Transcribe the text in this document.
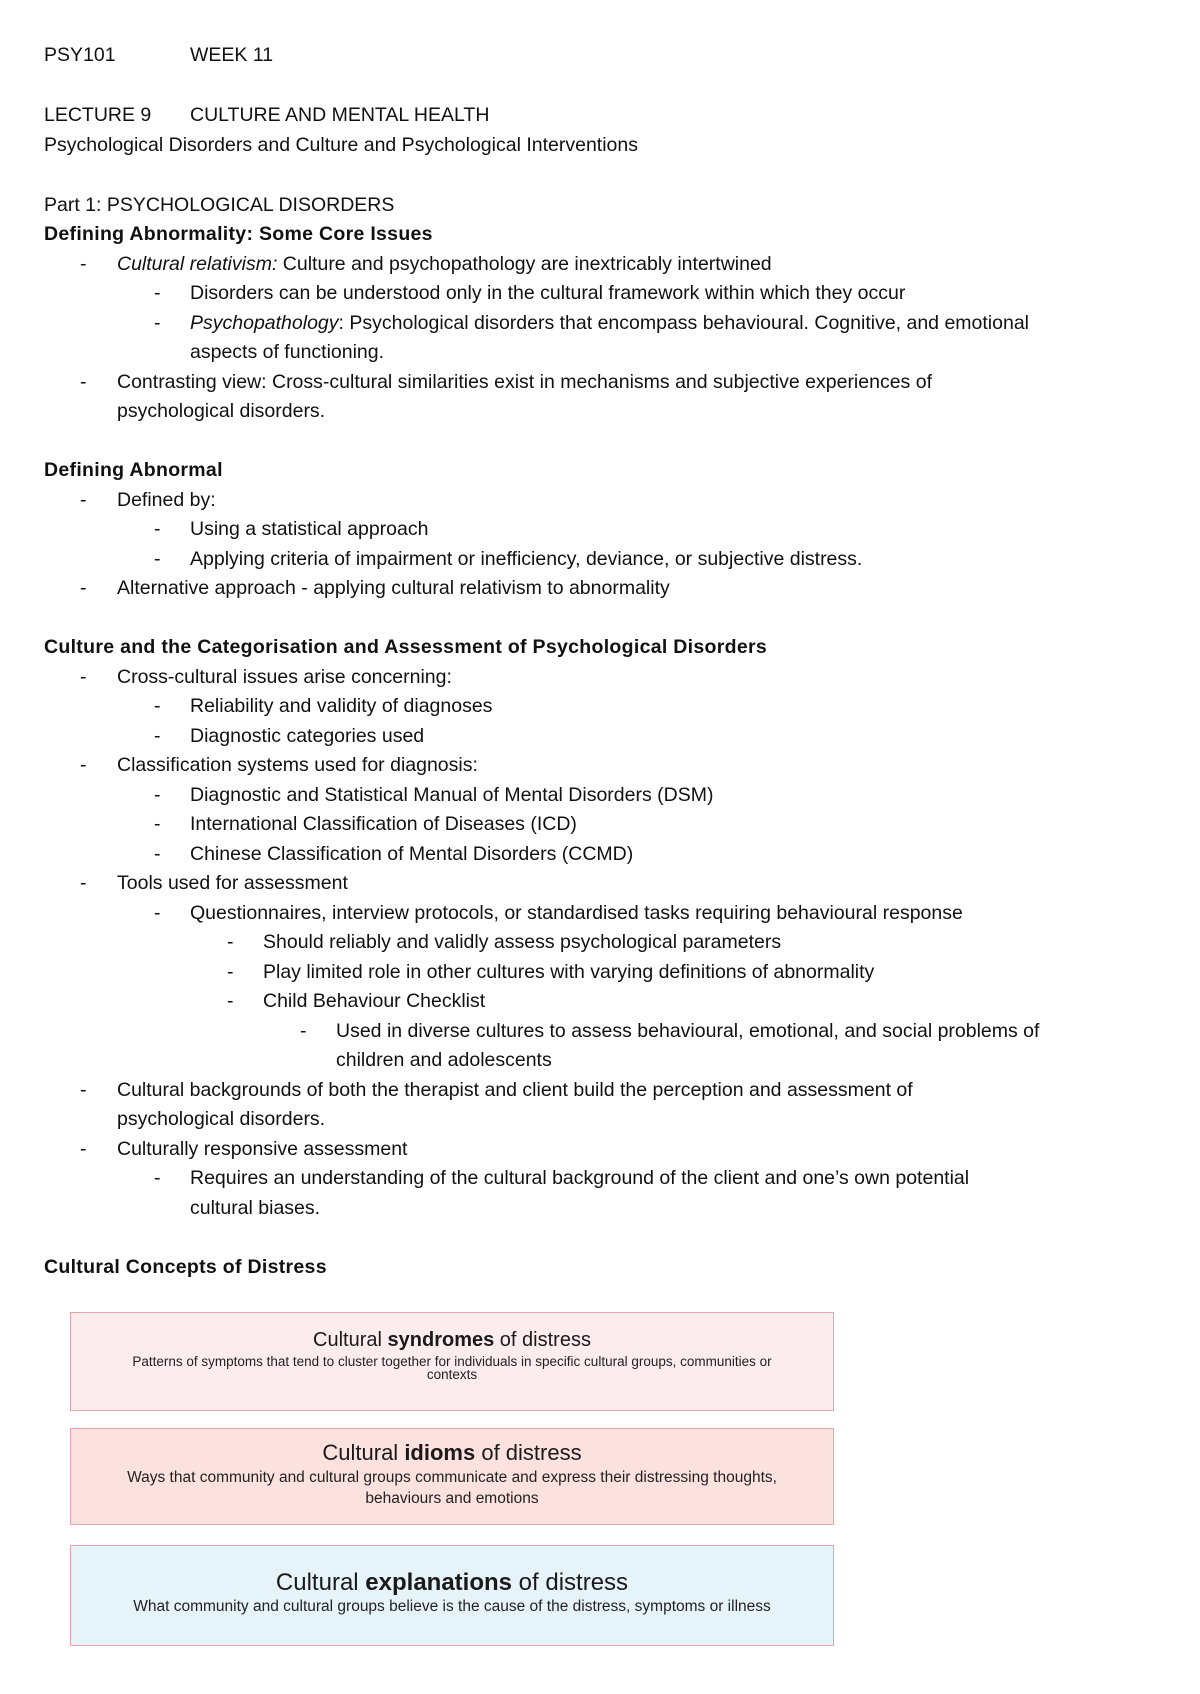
PSY101	WEEK 11
LECTURE 9 CULTURE AND MENTAL HEALTH
Psychological Disorders and Culture and Psychological Interventions
Part 1: PSYCHOLOGICAL DISORDERS
Defining Abnormality: Some Core Issues
- Cultural relativism: Culture and psychopathology are inextricably intertwined
- Disorders can be understood only in the cultural framework within which they occur
- Psychopathology: Psychological disorders that encompass behavioural. Cognitive, and emotional
aspects of functioning.
- Contrasting view: Cross-cultural similarities exist in mechanisms and subjective experiences of
psychological disorders.
Defining Abnormal
- Defined by:
- Using a statistical approach
- Applying criteria of impairment or inefficiency, deviance, or subjective distress.
- Alternative approach - applying cultural relativism to abnormality
Culture and the Categorisation and Assessment of Psychological Disorders
- Cross-cultural issues arise concerning:
- Reliability and validity of diagnoses
- Diagnostic categories used
- Classification systems used for diagnosis:
- Diagnostic and Statistical Manual of Mental Disorders (DSM)
- International Classification of Diseases (ICD)
- Chinese Classification of Mental Disorders (CCMD)
- Tools used for assessment
- Questionnaires, interview protocols, or standardised tasks requiring behavioural response
- Should reliably and validly assess psychological parameters
- Play limited role in other cultures with varying definitions of abnormality
- Child Behaviour Checklist
- Used in diverse cultures to assess behavioural, emotional, and social problems of
children and adolescents
- Cultural backgrounds of both the therapist and client build the perception and assessment of
psychological disorders.
- Culturally responsive assessment
- Requires an understanding of the cultural background of the client and one’s own potential
cultural biases.
Cultural Concepts of Distress
Cultural syndromes of distress
Patterns of symptoms that tend to cluster together for individuals in specific cultural groups, communities or
contexts
Cultural idioms of distress
Ways that community and cultural groups communicate and express their distressing thoughts,
behaviours and emotions
Cultural explanations of distress
What community and cultural groups believe is the cause of the distress, symptoms or illness
